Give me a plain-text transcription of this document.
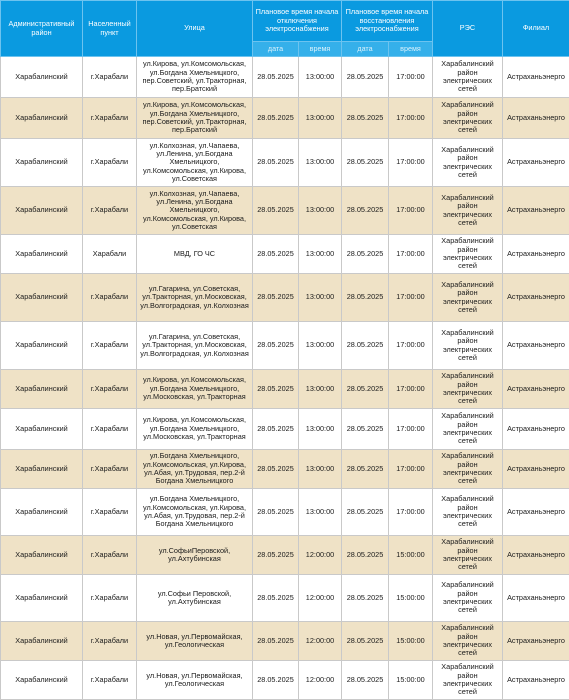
Административный район	Населенный пункт	Улица	Плановое время начала отключения электроснабжения		Плановое время начала восстановления электроснабжения		РЭС	Филиал
			дата	время	дата	время		
Харабалинский	г.Харабали	ул.Кирова, ул.Комсомольская, ул.Богдана Хмельницкого, пер.Советский, ул.Тракторная, пер.Братский	28.05.2025	13:00:00	28.05.2025	17:00:00	Харабалинский район электрических сетей	Астраханьэнерго
Харабалинский	г.Харабали	ул.Кирова, ул.Комсомольская, ул.Богдана Хмельницкого, пер.Советский, ул.Тракторная, пер.Братский	28.05.2025	13:00:00	28.05.2025	17:00:00	Харабалинский район электрических сетей	Астраханьэнерго
Харабалинский	г.Харабали	ул.Колхозная, ул.Чапаева, ул.Ленина, ул.Богдана Хмельницкого, ул.Комсомольская, ул.Кирова, ул.Советская	28.05.2025	13:00:00	28.05.2025	17:00:00	Харабалинский район электрических сетей	Астраханьэнерго
Харабалинский	г.Харабали	ул.Колхозная, ул.Чапаева, ул.Ленина, ул.Богдана Хмельницкого, ул.Комсомольская, ул.Кирова, ул.Советская	28.05.2025	13:00:00	28.05.2025	17:00:00	Харабалинский район электрических сетей	Астраханьэнерго
Харабалинский	Харабали	МВД, ГО ЧС	28.05.2025	13:00:00	28.05.2025	17:00:00	Харабалинский район электрических сетей	Астраханьэнерго
Харабалинский	г.Харабали	ул.Гагарина, ул.Советская, ул.Тракторная, ул.Московская, ул.Волгоградская, ул.Колхозная	28.05.2025	13:00:00	28.05.2025	17:00:00	Харабалинский район электрических сетей	Астраханьэнерго
Харабалинский	г.Харабали	ул.Гагарина, ул.Советская, ул.Тракторная, ул.Московская, ул.Волгоградская, ул.Колхозная	28.05.2025	13:00:00	28.05.2025	17:00:00	Харабалинский район электрических сетей	Астраханьэнерго
Харабалинский	г.Харабали	ул.Кирова, ул.Комсомольская, ул.Богдана Хмельницкого, ул.Московская, ул.Тракторная	28.05.2025	13:00:00	28.05.2025	17:00:00	Харабалинский район электрических сетей	Астраханьэнерго
Харабалинский	г.Харабали	ул.Кирова, ул.Комсомольская, ул.Богдана Хмельницкого, ул.Московская, ул.Тракторная	28.05.2025	13:00:00	28.05.2025	17:00:00	Харабалинский район электрических сетей	Астраханьэнерго
Харабалинский	г.Харабали	ул.Богдана Хмельницкого, ул.Комсомольская, ул.Кирова, ул.Абая, ул.Трудовая, пер.2-й Богдана Хмельницкого	28.05.2025	13:00:00	28.05.2025	17:00:00	Харабалинский район электрических сетей	Астраханьэнерго
Харабалинский	г.Харабали	ул.Богдана Хмельницкого, ул.Комсомольская, ул.Кирова, ул.Абая, ул.Трудовая, пер.2-й Богдана Хмельницкого	28.05.2025	13:00:00	28.05.2025	17:00:00	Харабалинский район электрических сетей	Астраханьэнерго
Харабалинский	г.Харабали	ул.СофьиПеровской, ул.Ахтубинская	28.05.2025	12:00:00	28.05.2025	15:00:00	Харабалинский район электрических сетей	Астраханьэнерго
Харабалинский	г.Харабали	ул.Софьи Перовской, ул.Ахтубинская	28.05.2025	12:00:00	28.05.2025	15:00:00	Харабалинский район электрических сетей	Астраханьэнерго
Харабалинский	г.Харабали	ул.Новая, ул.Первомайская, ул.Геологическая	28.05.2025	12:00:00	28.05.2025	15:00:00	Харабалинский район электрических сетей	Астраханьэнерго
Харабалинский	г.Харабали	ул.Новая, ул.Первомайская, ул.Геологическая	28.05.2025	12:00:00	28.05.2025	15:00:00	Харабалинский район электрических сетей	Астраханьэнерго
